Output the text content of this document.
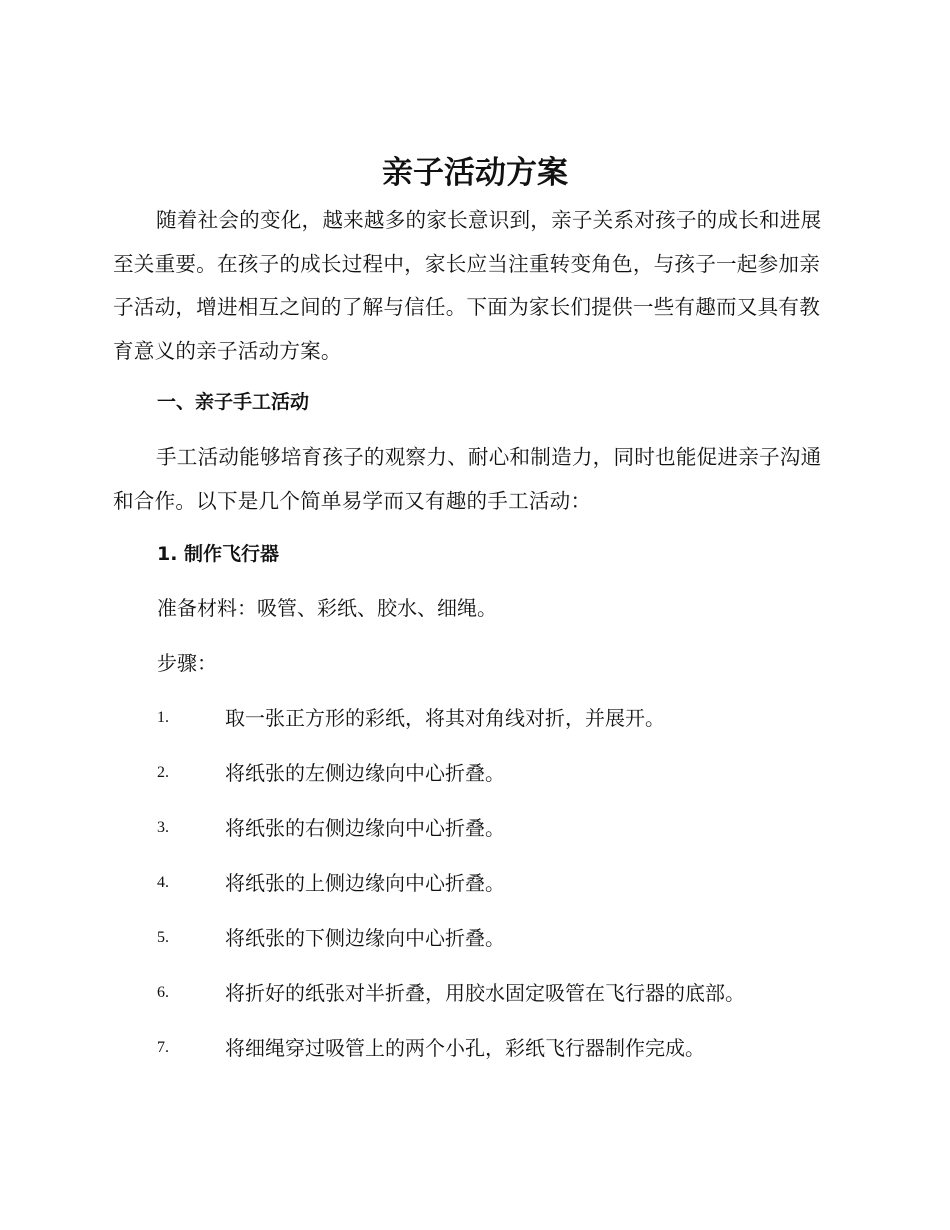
亲子活动方案

随着社会的变化，越来越多的家长意识到，亲子关系对孩子的成长和进展至关重要。在孩子的成长过程中，家长应当注重转变角色，与孩子一起参加亲子活动，增进相互之间的了解与信任。下面为家长们提供一些有趣而又具有教育意义的亲子活动方案。

一、亲子手工活动

手工活动能够培育孩子的观察力、耐心和制造力，同时也能促进亲子沟通和合作。以下是几个简单易学而又有趣的手工活动：

1. 制作飞行器

准备材料：吸管、彩纸、胶水、细绳。

步骤：

1.	取一张正方形的彩纸，将其对角线对折，并展开。
2.	将纸张的左侧边缘向中心折叠。
3.	将纸张的右侧边缘向中心折叠。
4.	将纸张的上侧边缘向中心折叠。
5.	将纸张的下侧边缘向中心折叠。
6.	将折好的纸张对半折叠，用胶水固定吸管在飞行器的底部。
7.	将细绳穿过吸管上的两个小孔，彩纸飞行器制作完成。
